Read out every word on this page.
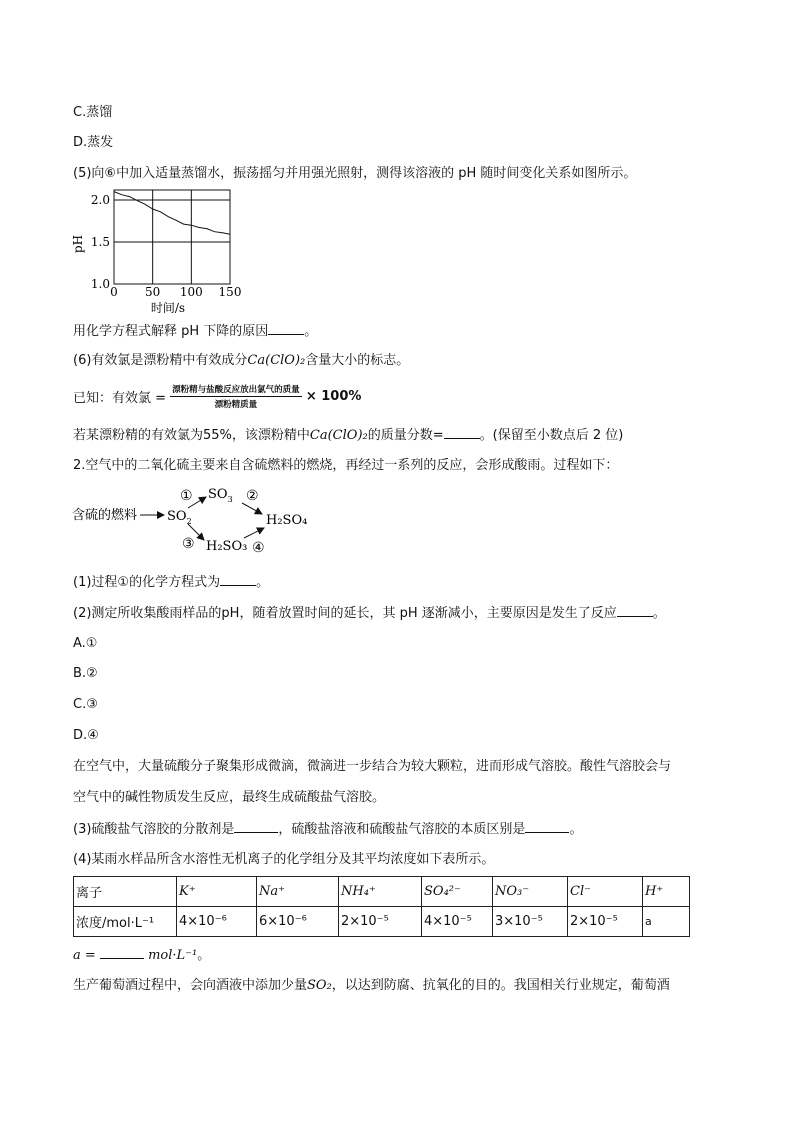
C.蒸馏
D.蒸发
(5)向⑥中加入适量蒸馏水，振荡摇匀并用强光照射，测得该溶液的 pH 随时间变化关系如图所示。
0 50 100 150
1.0
1.5
2.0
pH
时间/s
用化学方程式解释 pH 下降的原因	。
(6)有效氯是漂粉精中有效成分Ca(ClO)₂含量大小的标志。
已知：有效氯 = $\frac{\text{漂粉精与盐酸反应放出氯气的质量}}{\text{漂粉精质量}} \times 100\%$
若某漂粉精的有效氯为55%，该漂粉精中Ca(ClO)₂的质量分数=	。(保留至小数点后 2 位)
2.空气中的二氧化硫主要来自含硫燃料的燃烧，再经过一系列的反应，会形成酸雨。过程如下：
含硫的燃料 $SO_2$
① $SO_3$ ②
H₂SO₄
③ H₂SO₃ ④
(1)过程①的化学方程式为	。
(2)测定所收集酸雨样品的pH，随着放置时间的延长，其 pH 逐渐减小，主要原因是发生了反应	。
A.①
B.②
C.③
D.④
在空气中，大量硫酸分子聚集形成微滴，微滴进一步结合为较大颗粒，进而形成气溶胶。酸性气溶胶会与
空气中的碱性物质发生反应，最终生成硫酸盐气溶胶。
(3)硫酸盐气溶胶的分散剂是	，硫酸盐溶液和硫酸盐气溶胶的本质区别是	。
(4)某雨水样品所含水溶性无机离子的化学组分及其平均浓度如下表所示。
离子	K⁺	Na⁺	NH₄⁺	SO₄²⁻	NO₃⁻	Cl⁻	H⁺
浓度/mol·L⁻¹	4×10⁻⁶	6×10⁻⁶	2×10⁻⁵	4×10⁻⁵	3×10⁻⁵	2×10⁻⁵	a
a =	mol·L⁻¹。
生产葡萄酒过程中，会向酒液中添加少量SO₂，以达到防腐、抗氧化的目的。我国相关行业规定，葡萄酒
